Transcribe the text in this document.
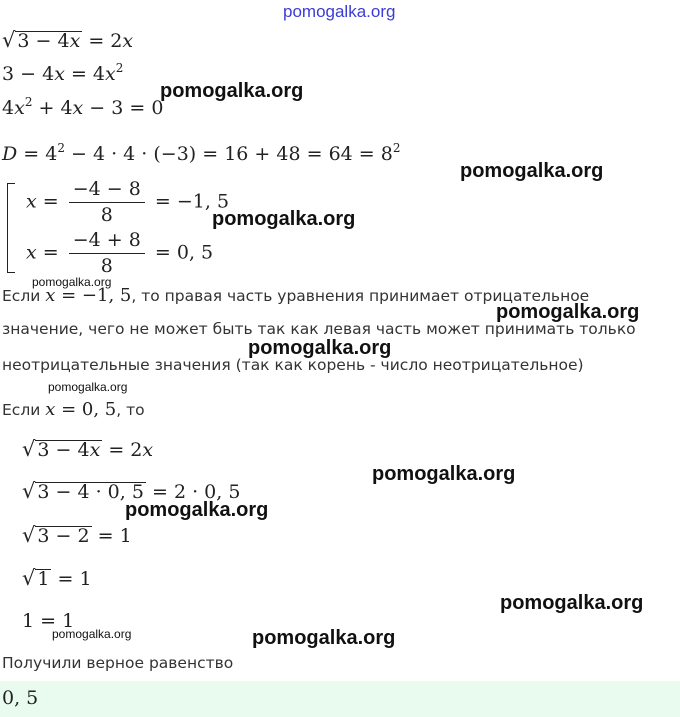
pomogalka.org
√ 3 − 4x = 2x
$3 - 4x = 4x^2$
$4x^2 + 4x - 3 = 0$
pomogalka.org
$D = 4^2 - 4 \cdot 4 \cdot (-3) = 16 + 48 = 64 = 8^2$
pomogalka.org
$x = \frac{-4 - 8}{8} = -1$, 5
pomogalka.org
$x = \frac{-4 + 8}{8} = 0$, 5
pomogalka.org
Если x = −1, 5, то правая часть уравнения принимает отрицательное
pomogalka.org
значение, чего не может быть так как левая часть может принимать только
pomogalka.org
неотрицательные значения (так как корень - число неотрицательное)
pomogalka.org
Если x = 0, 5, то
√ 3 − 4x = 2x
pomogalka.org
√ 3 − 4 · 0, 5 = 2 · 0, 5
pomogalka.org
√ 3 − 2 = 1
√ 1 = 1
pomogalka.org
1 = 1
pomogalka.org	pomogalka.org
Получили верное равенство
0, 5
